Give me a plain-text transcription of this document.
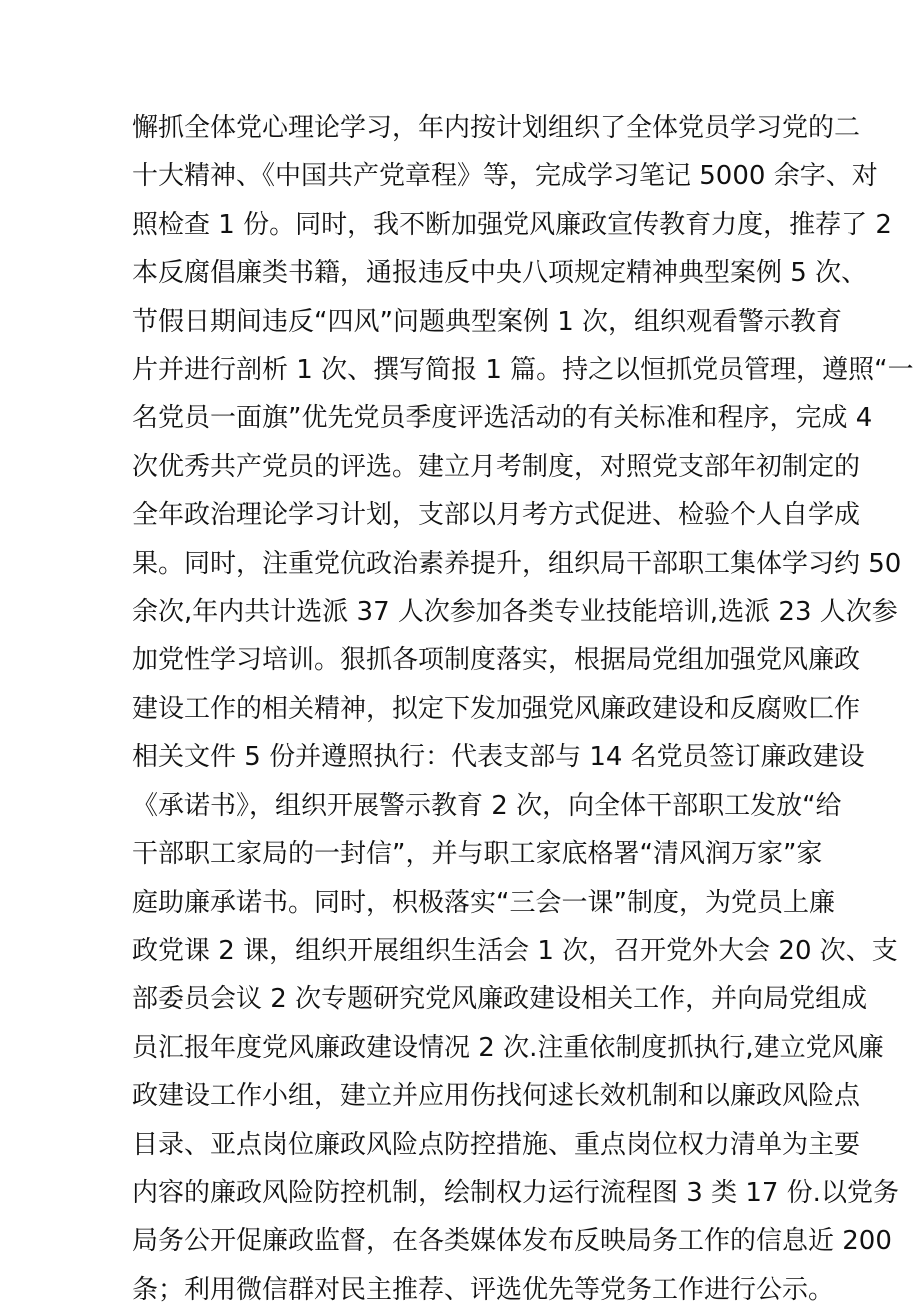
懈抓全体党心理论学习，年内按计划组织了全体党员学习党的二
十大精神、《中国共产党章程》等，完成学习笔记 5000 余字、对
照检查 1 份。同时，我不断加强党风廉政宣传教育力度，推荐了 2
本反腐倡廉类书籍，通报违反中央八项规定精神典型案例 5 次、
节假日期间违反“四风”问题典型案例 1 次，组织观看警示教育
片并进行剖析 1 次、撰写简报 1 篇。持之以恒抓党员管理，遵照“一
名党员一面旗”优先党员季度评选活动的有关标准和程序，完成 4
次优秀共产党员的评选。建立月考制度，对照党支部年初制定的
全年政治理论学习计划，支部以月考方式促进、检验个人自学成
果。同时，注重党伉政治素养提升，组织局干部职工集体学习约 50
余次,年内共计选派 37 人次参加各类专业技能培训,选派 23 人次参
加党性学习培训。狠抓各项制度落实，根据局党组加强党风廉政
建设工作的相关精神，拟定下发加强党风廉政建设和反腐败匚作
相关文件 5 份并遵照执行：代表支部与 14 名党员签订廉政建设
《承诺书》，组织开展警示教育 2 次，向全体干部职工发放“给
干部职工家局的一封信”，并与职工家底格署“清风润万家”家
庭助廉承诺书。同时，枳极落实“三会一课”制度，为党员上廉
政党课 2 课，组织开展组织生活会 1 次，召开党外大会 20 次、支
部委员会议 2 次专题研究党风廉政建设相关工作，并向局党组成
员汇报年度党风廉政建设情况 2 次.注重依制度抓执行,建立党风廉
政建设工作小组，建立并应用伤找何逑长效机制和以廉政风险点
目录、亚点岗位廉政风险点防控措施、重点岗位权力清单为主要
内容的廉政风险防控机制，绘制权力运行流程图 3 类 17 份.以党务
局务公开促廉政监督，在各类媒体发布反映局务工作的信息近 200
条；利用微信群对民主推荐、评选优先等党务工作进行公示。
